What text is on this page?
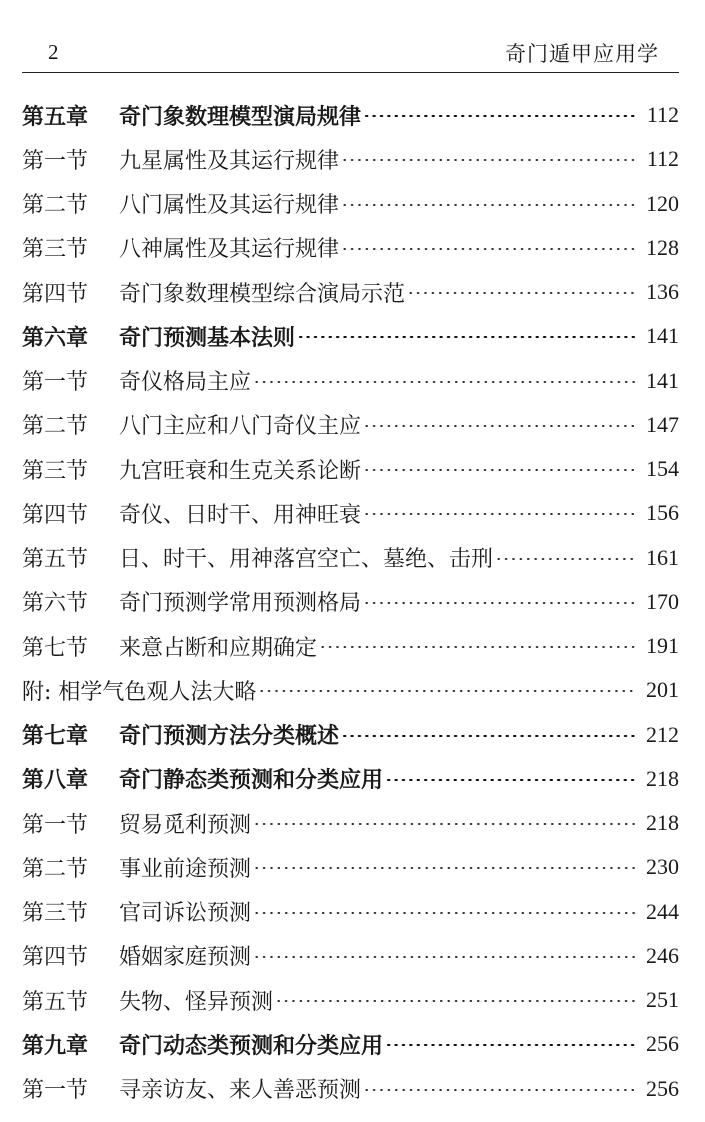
2	奇门遁甲应用学
第五章 奇门象数理模型演局规律	112
第一节 九星属性及其运行规律	112
第二节 八门属性及其运行规律	120
第三节 八神属性及其运行规律	128
第四节 奇门象数理模型综合演局示范	136
第六章 奇门预测基本法则	141
第一节 奇仪格局主应	141
第二节 八门主应和八门奇仪主应	147
第三节 九宫旺衰和生克关系论断	154
第四节 奇仪、日时干、用神旺衰	156
第五节 日、时干、用神落宫空亡、墓绝、击刑	161
第六节 奇门预测学常用预测格局	170
第七节 来意占断和应期确定	191
附: 相学气色观人法大略	201
第七章 奇门预测方法分类概述	212
第八章 奇门静态类预测和分类应用	218
第一节 贸易觅利预测	218
第二节 事业前途预测	230
第三节 官司诉讼预测	244
第四节 婚姻家庭预测	246
第五节 失物、怪异预测	251
第九章 奇门动态类预测和分类应用	256
第一节 寻亲访友、来人善恶预测	256
